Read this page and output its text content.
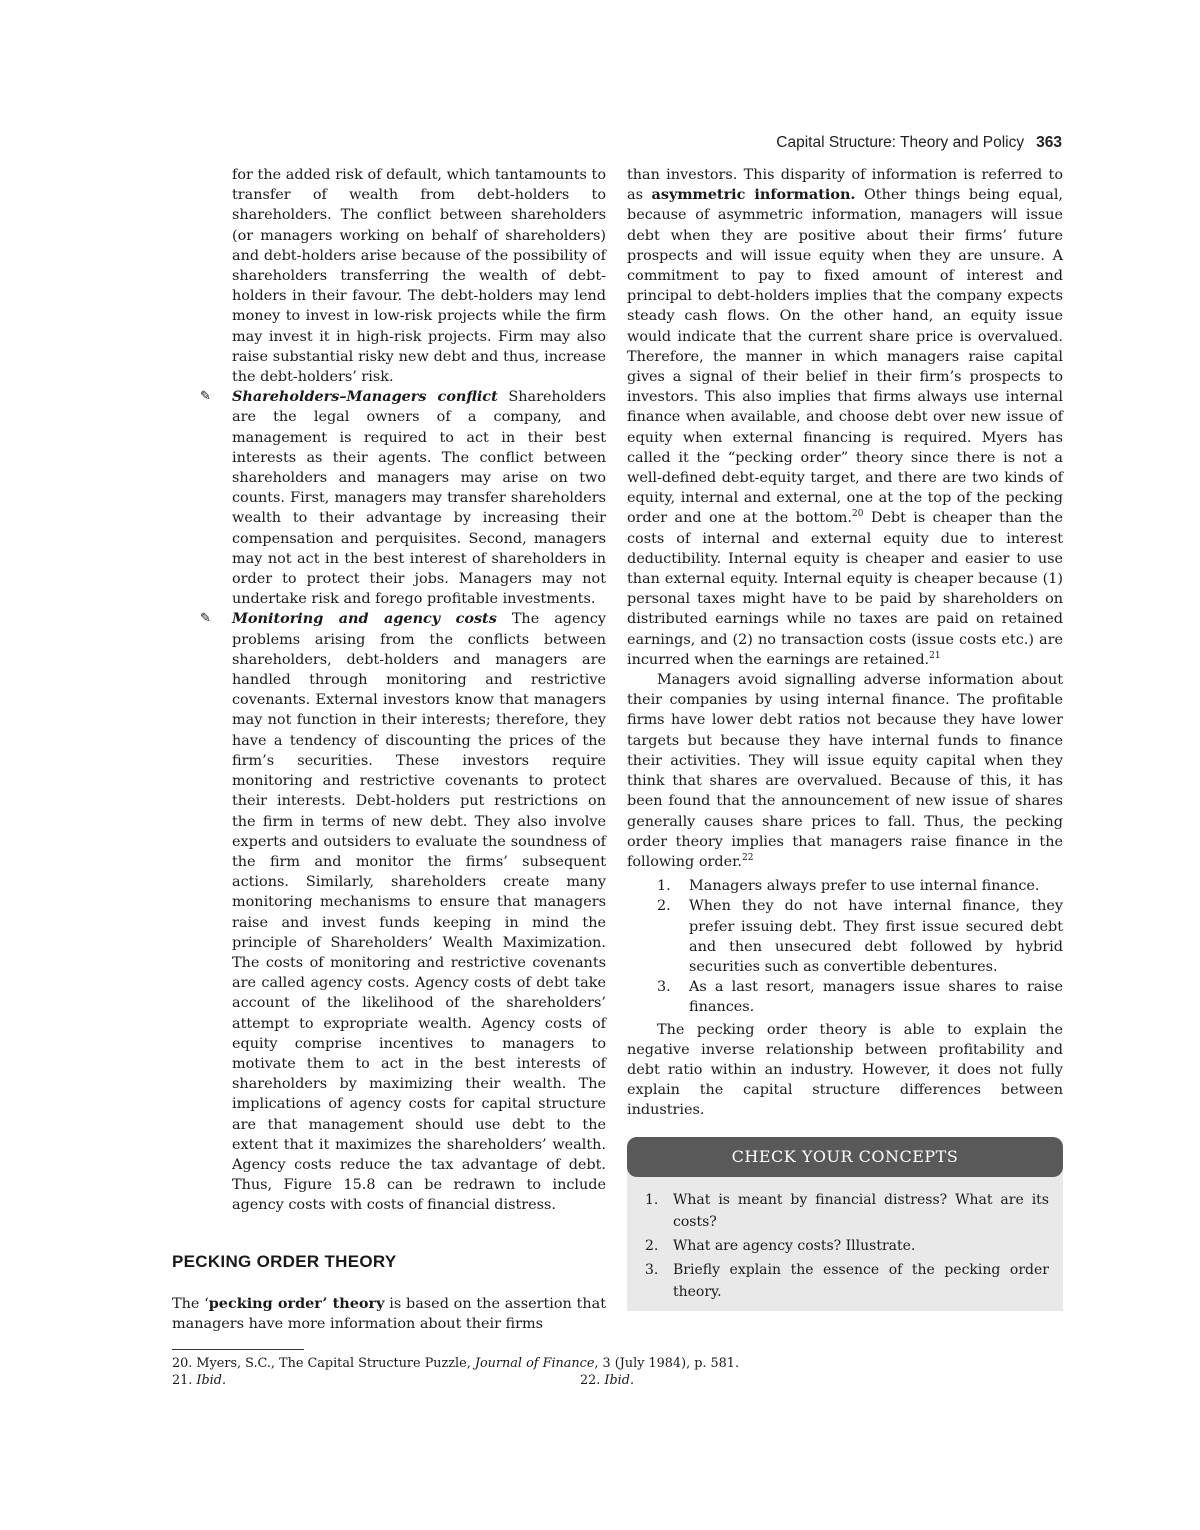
Capital Structure: Theory and Policy 363

for the added risk of default, which tantamounts to transfer of wealth from debt-holders to shareholders. The conflict between shareholders (or managers working on behalf of shareholders) and debt-holders arise because of the possibility of shareholders transferring the wealth of debt-holders in their favour. The debt-holders may lend money to invest in low-risk projects while the firm may invest it in high-risk projects. Firm may also raise substantial risky new debt and thus, increase the debt-holders’ risk.

✎ Shareholders–Managers conflict Shareholders are the legal owners of a company, and management is required to act in their best interests as their agents. The conflict between shareholders and managers may arise on two counts. First, managers may transfer shareholders wealth to their advantage by increasing their compensation and perquisites. Second, managers may not act in the best interest of shareholders in order to protect their jobs. Managers may not undertake risk and forego profitable investments.
✎ Monitoring and agency costs The agency problems arising from the conflicts between shareholders, debt-holders and managers are handled through monitoring and restrictive covenants. External investors know that managers may not function in their interests; therefore, they have a tendency of discounting the prices of the firm’s securities. These investors require monitoring and restrictive covenants to protect their interests. Debt-holders put restrictions on the firm in terms of new debt. They also involve experts and outsiders to evaluate the soundness of the firm and monitor the firms’ subsequent actions. Similarly, shareholders create many monitoring mechanisms to ensure that managers raise and invest funds keeping in mind the principle of Shareholders’ Wealth Maximization. The costs of monitoring and restrictive covenants are called agency costs. Agency costs of debt take account of the likelihood of the shareholders’ attempt to expropriate wealth. Agency costs of equity comprise incentives to managers to motivate them to act in the best interests of shareholders by maximizing their wealth. The implications of agency costs for capital structure are that management should use debt to the extent that it maximizes the shareholders’ wealth. Agency costs reduce the tax advantage of debt. Thus, Figure 15.8 can be redrawn to include agency costs with costs of financial distress.
PECKING ORDER THEORY

The ‘pecking order’ theory is based on the assertion that managers have more information about their firms

than investors. This disparity of information is referred to as asymmetric information. Other things being equal, because of asymmetric information, managers will issue debt when they are positive about their firms’ future prospects and will issue equity when they are unsure. A commitment to pay to fixed amount of interest and principal to debt-holders implies that the company expects steady cash flows. On the other hand, an equity issue would indicate that the current share price is overvalued. Therefore, the manner in which managers raise capital gives a signal of their belief in their firm’s prospects to investors. This also implies that firms always use internal finance when available, and choose debt over new issue of equity when external financing is required. Myers has called it the “pecking order” theory since there is not a well-defined debt-equity target, and there are two kinds of equity, internal and external, one at the top of the pecking order and one at the bottom.$^{20}$ Debt is cheaper than the costs of internal and external equity due to interest deductibility. Internal equity is cheaper and easier to use than external equity. Internal equity is cheaper because (1) personal taxes might have to be paid by shareholders on distributed earnings while no taxes are paid on retained earnings, and (2) no transaction costs (issue costs etc.) are incurred when the earnings are retained.$^{21}$

Managers avoid signalling adverse information about their companies by using internal finance. The profitable firms have lower debt ratios not because they have lower targets but because they have internal funds to finance their activities. They will issue equity capital when they think that shares are overvalued. Because of this, it has been found that the announcement of new issue of shares generally causes share prices to fall. Thus, the pecking order theory implies that managers raise finance in the following order.$^{22}$

1. Managers always prefer to use internal finance.
2. When they do not have internal finance, they prefer issuing debt. They first issue secured debt and then unsecured debt followed by hybrid securities such as convertible debentures.
3. As a last resort, managers issue shares to raise finances.

The pecking order theory is able to explain the negative inverse relationship between profitability and debt ratio within an industry. However, it does not fully explain the capital structure differences between industries.

CHECK YOUR CONCEPTS
1. What is meant by financial distress? What are its costs?
2. What are agency costs? Illustrate.
3. Briefly explain the essence of the pecking order theory.
20. Myers, S.C., The Capital Structure Puzzle, Journal of Finance, 3 (July 1984), p. 581.
21. Ibid.	22. Ibid.
